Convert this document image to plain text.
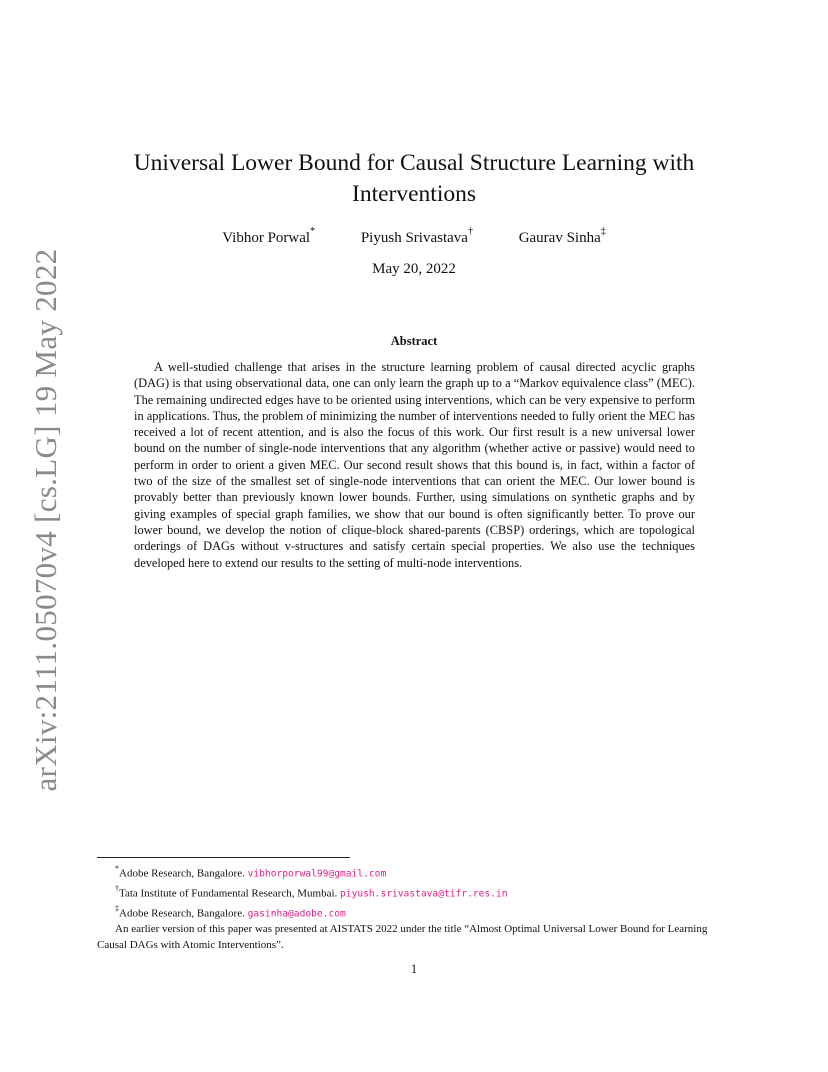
arXiv:2111.05070v4 [cs.LG] 19 May 2022
Universal Lower Bound for Causal Structure Learning with Interventions
Vibhor Porwal*	Piyush Srivastava†	Gaurav Sinha‡
May 20, 2022
Abstract
A well-studied challenge that arises in the structure learning problem of causal directed acyclic graphs (DAG) is that using observational data, one can only learn the graph up to a “Markov equivalence class” (MEC). The remaining undirected edges have to be oriented using interventions, which can be very expensive to perform in applications. Thus, the problem of minimizing the number of interventions needed to fully orient the MEC has received a lot of recent attention, and is also the focus of this work. Our first result is a new universal lower bound on the number of single-node interventions that any algorithm (whether active or passive) would need to perform in order to orient a given MEC. Our second result shows that this bound is, in fact, within a factor of two of the size of the smallest set of single-node interventions that can orient the MEC. Our lower bound is provably better than previously known lower bounds. Further, using simulations on synthetic graphs and by giving examples of special graph families, we show that our bound is often significantly better. To prove our lower bound, we develop the notion of clique-block shared-parents (CBSP) orderings, which are topological orderings of DAGs without v-structures and satisfy certain special properties. We also use the techniques developed here to extend our results to the setting of multi-node interventions.
*Adobe Research, Bangalore. vibhorporwal99@gmail.com
†Tata Institute of Fundamental Research, Mumbai. piyush.srivastava@tifr.res.in
‡Adobe Research, Bangalore. gasinha@adobe.com
An earlier version of this paper was presented at AISTATS 2022 under the title “Almost Optimal Universal Lower Bound for Learning Causal DAGs with Atomic Interventions”.
1
